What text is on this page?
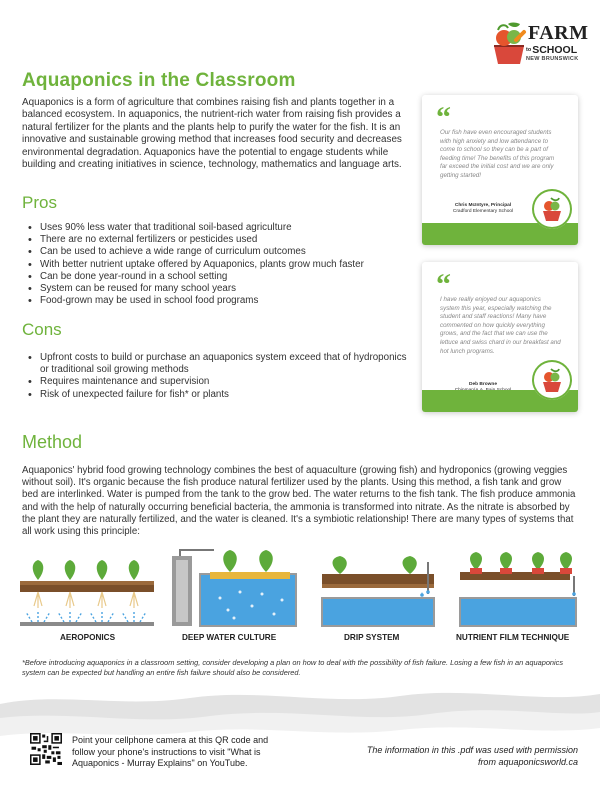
FARM
toSCHOOL
NEW BRUNSWICK
Aquaponics in the Classroom

Aquaponics is a form of agriculture that combines raising fish and plants together in a balanced ecosystem. In aquaponics, the nutrient-rich water from raising fish provides a natural fertilizer for the plants and the plants help to purify the water for the fish. It is an innovative and sustainable growing method that increases food security and decreases environmental degradation. Aquaponics have the potential to engage students while building and creating initiatives in science, technology, mathematics and language arts.

Pros
• Uses 90% less water that traditional soil-based agriculture
• There are no external fertilizers or pesticides used
• Can be used to achieve a wide range of curriculum outcomes
• With better nutrient uptake offered by Aquaponics, plants grow much faster
• Can be done year-round in a school setting
• System can be reused for many school years
• Food-grown may be used in school food programs
Cons
• Upfront costs to build or purchase an aquaponics system exceed that of hydroponics or traditional soil growing methods
• Requires maintenance and supervision
• Risk of unexpected failure for fish* or plants
“

Our fish have even encouraged students with high anxiety and low attendance to come to school so they can be a part of feeding time! The benefits of this program far exceed the initial cost and we are only getting started!

Chris McIntyre, Principal
Cradford Elementary School
“

I have really enjoyed our aquaponics system this year, especially watching the student and staff reactions! Many have commented on how quickly everything grows, and the fact that we can use the lettuce and swiss chard in our breakfast and hot lunch programs.

Deb Browne

Method

Aquaponics' hybrid food growing technology combines the best of aquaculture (growing fish) and hydroponics (growing veggies without soil). It's organic because the fish produce natural fertilizer used by the plants. Using this method, a fish tank and grow bed are interlinked. Water is pumped from the tank to the grow bed. The water returns to the fish tank. The fish produce ammonia and with the help of naturally occurring beneficial bacteria, the ammonia is transformed into nitrate. As the nitrate is absorbed by the plant they are naturally fertilized, and the water is cleaned. It's a symbiotic relationship! There are many types of systems that all work using this principle:

AEROPONICS	DEEP WATER CULTURE	DRIP SYSTEM	NUTRIENT FILM TECHNIQUE

*Before introducing aquaponics in a classroom setting, consider developing a plan on how to deal with the possibility of fish failure. Losing a few fish in an aquaponics system can be expected but handling an entire fish failure should also be considered.

Point your cellphone camera at this QR code and follow your phone's instructions to visit "What is Aquaponics - Murray Explains" on YouTube.

The information in this .pdf was used with permission from aquaponicsworld.ca
